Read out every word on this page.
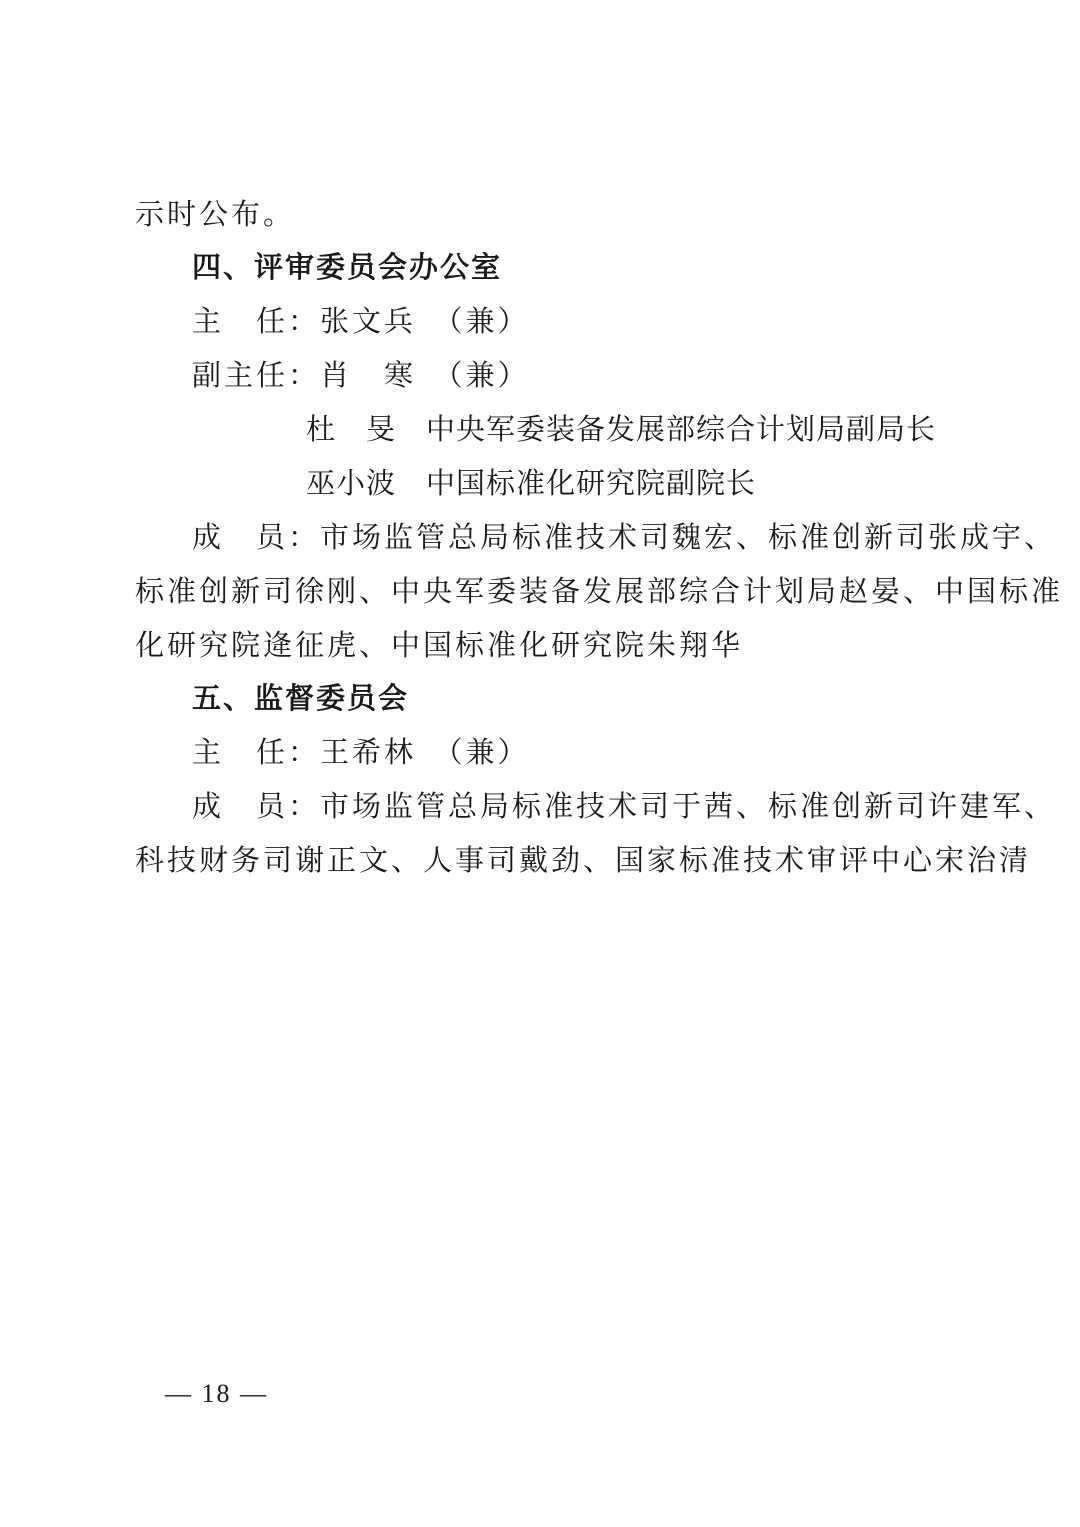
示时公布。
四、评审委员会办公室
主　任：张文兵　（兼）
副主任：肖　寒　（兼）
杜　旻　中央军委装备发展部综合计划局副局长
巫小波　中国标准化研究院副院长
成　员：市场监管总局标准技术司魏宏、标准创新司张成宇、
标准创新司徐刚、中央军委装备发展部综合计划局赵晏、中国标准
化研究院逄征虎、中国标准化研究院朱翔华
五、监督委员会
主　任：王希林　（兼）
成　员：市场监管总局标准技术司于茜、标准创新司许建军、
科技财务司谢正文、人事司戴劲、国家标准技术审评中心宋治清
— 18 —
